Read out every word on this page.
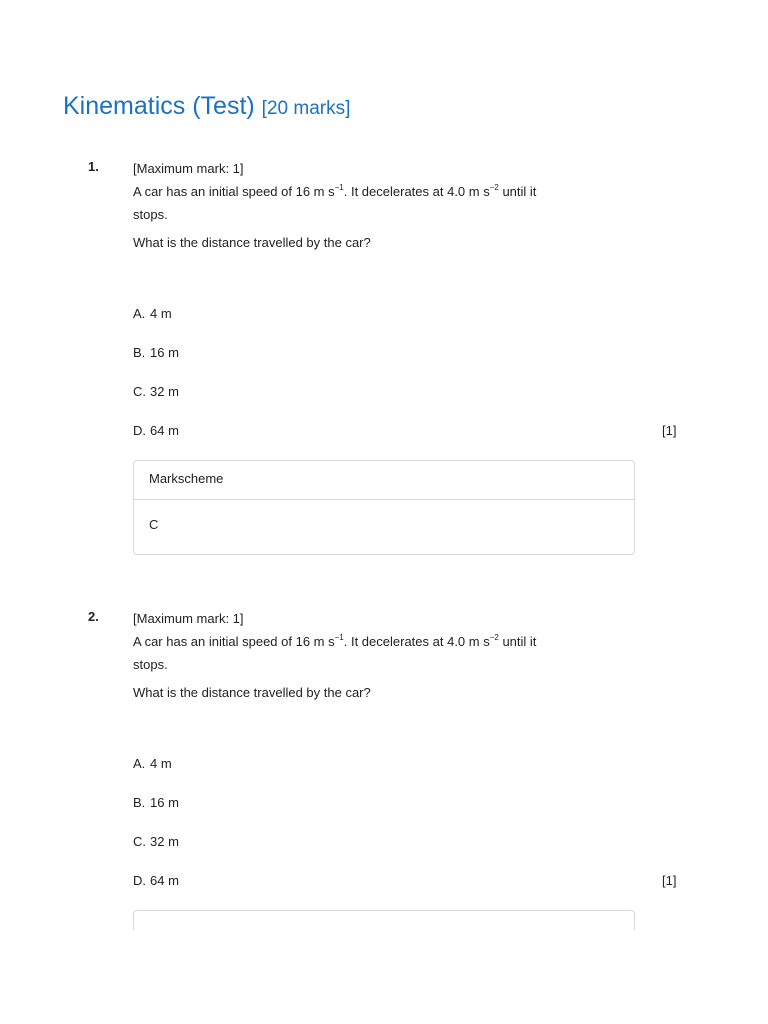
Kinematics (Test) [20 marks]
1.	[Maximum mark: 1]

A car has an initial speed of 16 m $s^{-1}$. It decelerates at 4.0 m $s^{-2}$ until it

stops.

What is the distance travelled by the car?
A. 4 m
B. 16 m
C. 32 m
D. 64 m	[1]
Markscheme
C
2.	[Maximum mark: 1]

A car has an initial speed of 16 m $s^{-1}$. It decelerates at 4.0 m $s^{-2}$ until it

stops.

What is the distance travelled by the car?
A. 4 m
B. 16 m
C. 32 m
D. 64 m	[1]
